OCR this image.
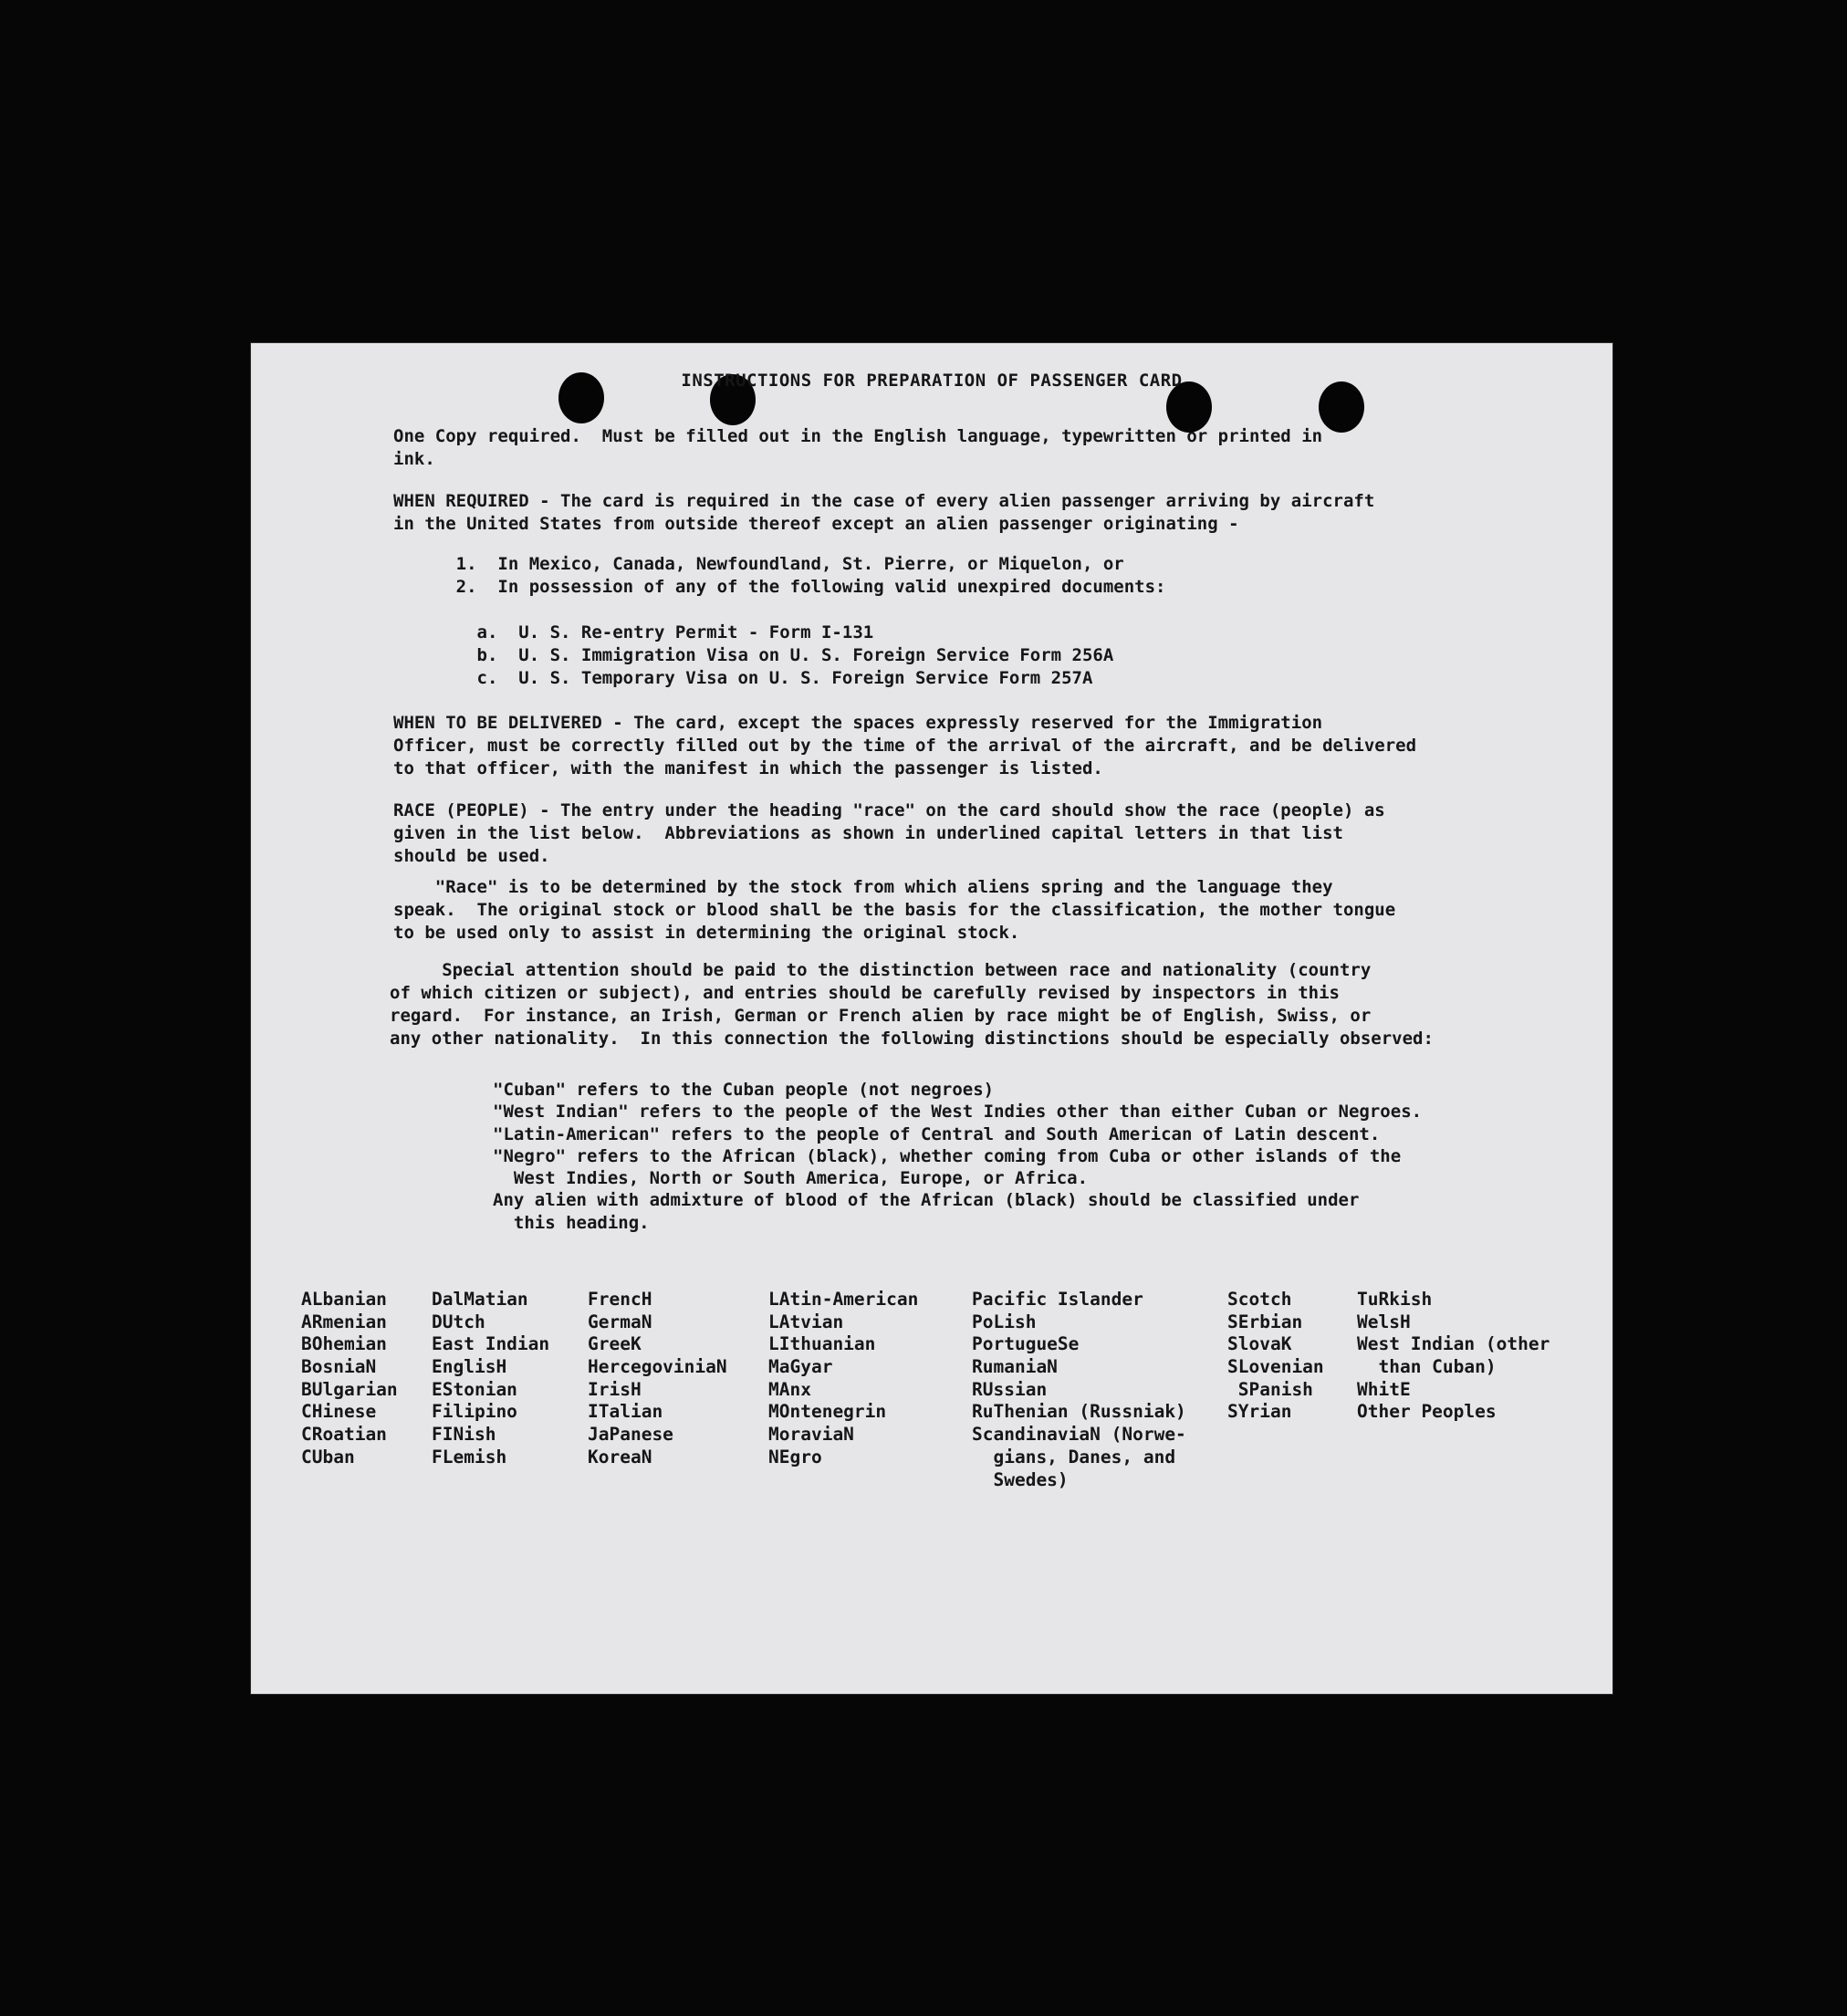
INSTRUCTIONS FOR PREPARATION OF PASSENGER CARD
One Copy required.  Must be filled out in the English language, typewritten or printed in
ink.
WHEN REQUIRED - The card is required in the case of every alien passenger arriving by aircraft
in the United States from outside thereof except an alien passenger originating -
1.  In Mexico, Canada, Newfoundland, St. Pierre, or Miquelon, or
2.  In possession of any of the following valid unexpired documents:
a.  U. S. Re-entry Permit - Form I-131
b.  U. S. Immigration Visa on U. S. Foreign Service Form 256A
c.  U. S. Temporary Visa on U. S. Foreign Service Form 257A
WHEN TO BE DELIVERED - The card, except the spaces expressly reserved for the Immigration
Officer, must be correctly filled out by the time of the arrival of the aircraft, and be delivered
to that officer, with the manifest in which the passenger is listed.
RACE (PEOPLE) - The entry under the heading "race" on the card should show the race (people) as
given in the list below.  Abbreviations as shown in underlined capital letters in that list
should be used.
"Race" is to be determined by the stock from which aliens spring and the language they
speak.  The original stock or blood shall be the basis for the classification, the mother tongue
to be used only to assist in determining the original stock.
Special attention should be paid to the distinction between race and nationality (country
of which citizen or subject), and entries should be carefully revised by inspectors in this
regard.  For instance, an Irish, German or French alien by race might be of English, Swiss, or
any other nationality.  In this connection the following distinctions should be especially observed:
"Cuban" refers to the Cuban people (not negroes)
"West Indian" refers to the people of the West Indies other than either Cuban or Negroes.
"Latin-American" refers to the people of Central and South American of Latin descent.
"Negro" refers to the African (black), whether coming from Cuba or other islands of the
West Indies, North or South America, Europe, or Africa.
Any alien with admixture of blood of the African (black) should be classified under
this heading.
ALbanian
ARmenian
BOhemian
BosniaN
BUlgarian
CHinese
CRoatian
CUban
DalMatian
DUtch
East Indian
EnglisH
EStonian
Filipino
FINish
FLemish
FrencH
GermaN
GreeK
HercegoviniaN
IrisH
ITalian
JaPanese
KoreaN
LAtin-American
LAtvian
LIthuanian
MaGyar
MAnx
MOntenegrin
MoraviaN
NEgro
Pacific Islander
PoLish
PortugueSe
RumaniaN
RUssian
RuThenian (Russniak)
ScandinaviaN (Norwe-
gians, Danes, and
Swedes)
Scotch
SErbian
SlovaK
SLovenian
SPanish
SYrian
TuRkish
WelsH
West Indian (other
than Cuban)
WhitE
Other Peoples
